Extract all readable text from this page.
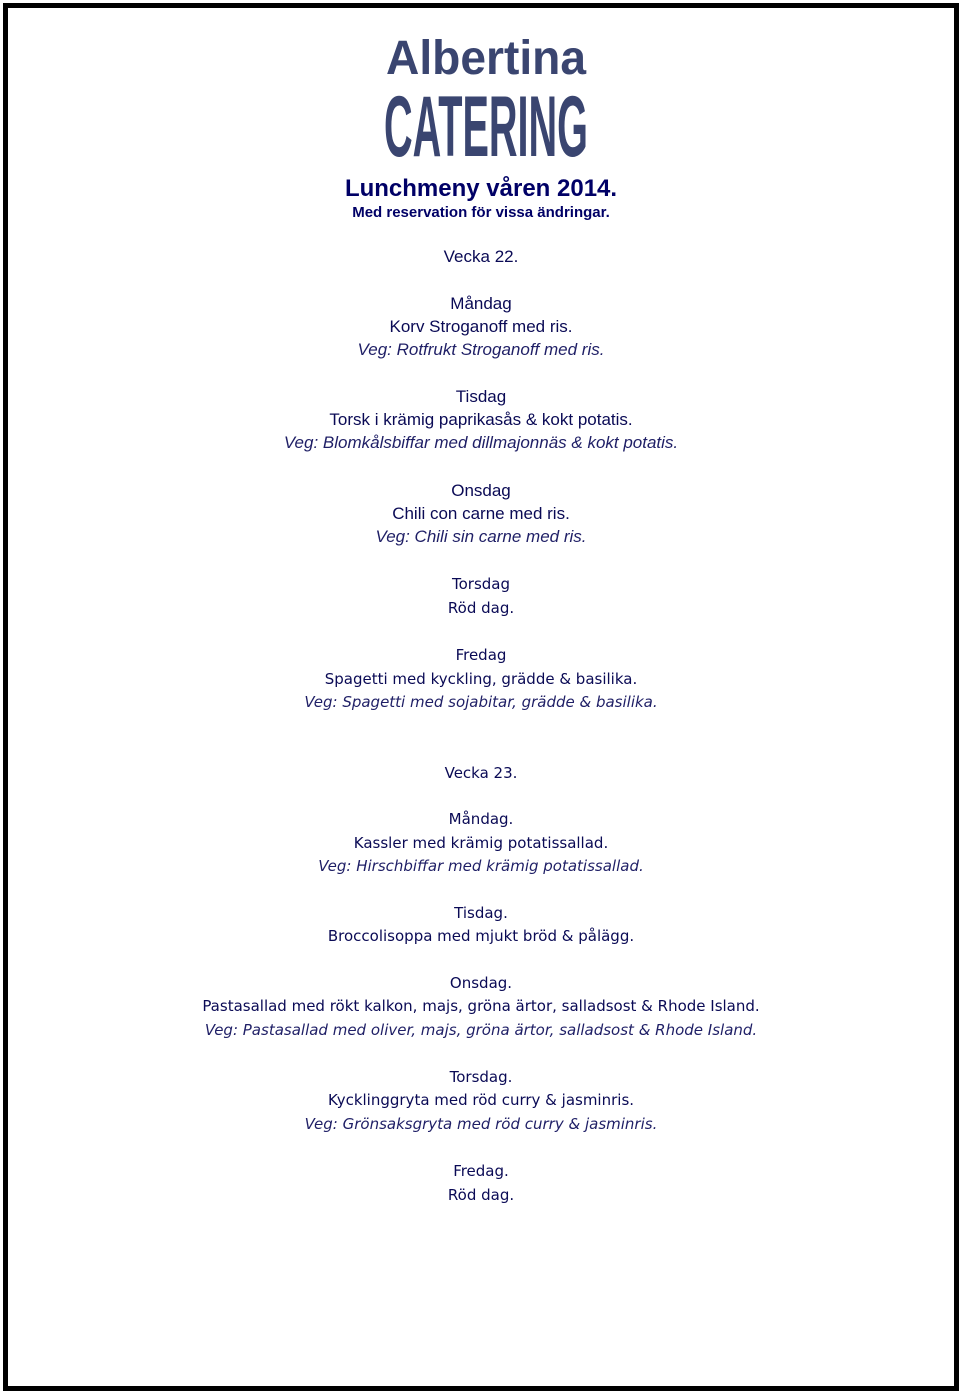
Albertina
CATERING
Lunchmeny våren 2014.
Med reservation för vissa ändringar.
Vecka 22.
Måndag
Korv Stroganoff med ris.
Veg: Rotfrukt Stroganoff med ris.
Tisdag
Torsk i krämig paprikasås & kokt potatis.
Veg: Blomkålsbiffar med dillmajonnäs & kokt potatis.
Onsdag
Chili con carne med ris.
Veg: Chili sin carne med ris.
Torsdag
Röd dag.
Fredag
Spagetti med kyckling, grädde & basilika.
Veg: Spagetti med sojabitar, grädde & basilika.
Vecka 23.
Måndag.
Kassler med krämig potatissallad.
Veg: Hirschbiffar med krämig potatissallad.
Tisdag.
Broccolisoppa med mjukt bröd & pålägg.
Onsdag.
Pastasallad med rökt kalkon, majs, gröna ärtor, salladsost & Rhode Island.
Veg: Pastasallad med oliver, majs, gröna ärtor, salladsost & Rhode Island.
Torsdag.
Kycklinggryta med röd curry & jasminris.
Veg: Grönsaksgryta med röd curry & jasminris.
Fredag.
Röd dag.
